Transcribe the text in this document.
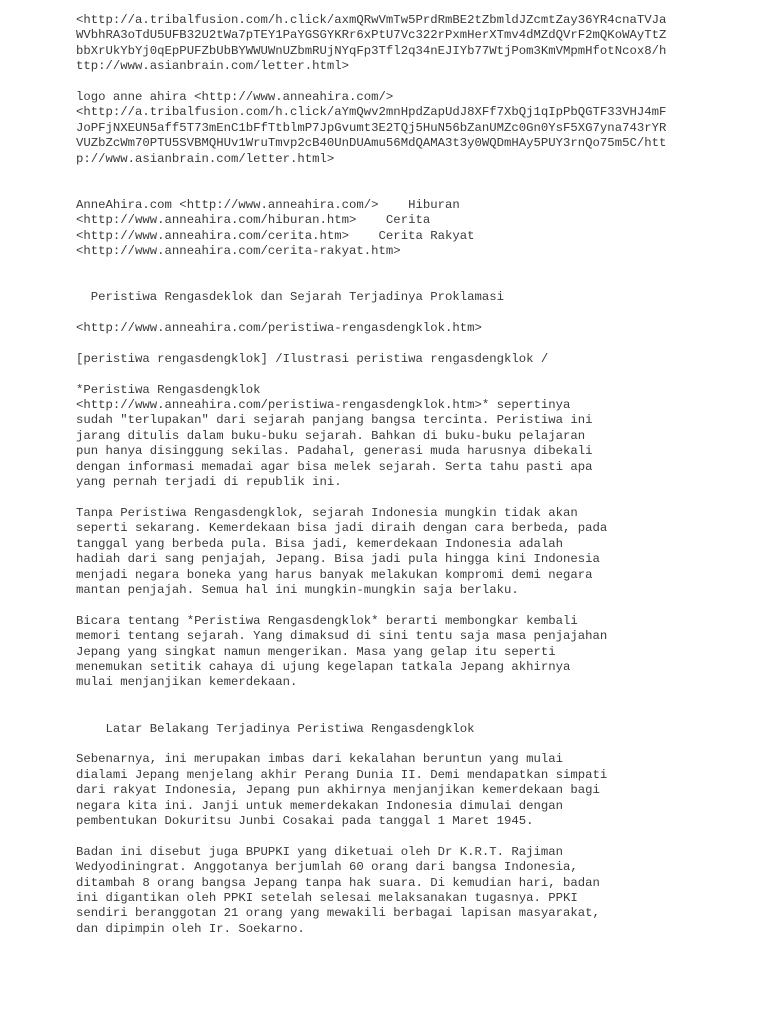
<http://a.tribalfusion.com/h.click/axmQRwVmTw5PrdRmBE2tZbmldJZcmtZay36YR4cnaTVJa
WVbhRA3oTdU5UFB32U2tWa7pTEY1PaYGSGYKRr6xPtU7Vc322rPxmHerXTmv4dMZdQVrF2mQKoWAyTtZ
bbXrUkYbYj0qEpPUFZbUbBYWWUWnUZbmRUjNYqFp3Tfl2q34nEJIYb77WtjPom3KmVMpmHfotNcox8/h
ttp://www.asianbrain.com/letter.html>
logo anne ahira <http://www.anneahira.com/>
<http://a.tribalfusion.com/h.click/aYmQwv2mnHpdZapUdJ8XFf7XbQj1qIpPbQGTF33VHJ4mF
JoPFjNXEUN5aff5T73mEnC1bFfTtblmP7JpGvumt3E2TQj5HuN56bZanUMZc0Gn0YsF5XG7yna743rYR
VUZbZcWm70PTU5SVBMQHUv1WruTmvp2cB40UnDUAmu56MdQAMA3t3y0WQDmHAy5PUY3rnQo75m5C/htt
p://www.asianbrain.com/letter.html>
AnneAhira.com <http://www.anneahira.com/>    Hiburan
<http://www.anneahira.com/hiburan.htm>    Cerita
<http://www.anneahira.com/cerita.htm>    Cerita Rakyat
<http://www.anneahira.com/cerita-rakyat.htm>
Peristiwa Rengasdeklok dan Sejarah Terjadinya Proklamasi
<http://www.anneahira.com/peristiwa-rengasdengklok.htm>
[peristiwa rengasdengklok] /Ilustrasi peristiwa rengasdengklok /
*Peristiwa Rengasdengklok
<http://www.anneahira.com/peristiwa-rengasdengklok.htm>* sepertinya
sudah "terlupakan" dari sejarah panjang bangsa tercinta. Peristiwa ini
jarang ditulis dalam buku-buku sejarah. Bahkan di buku-buku pelajaran
pun hanya disinggung sekilas. Padahal, generasi muda harusnya dibekali
dengan informasi memadai agar bisa melek sejarah. Serta tahu pasti apa
yang pernah terjadi di republik ini.
Tanpa Peristiwa Rengasdengklok, sejarah Indonesia mungkin tidak akan
seperti sekarang. Kemerdekaan bisa jadi diraih dengan cara berbeda, pada
tanggal yang berbeda pula. Bisa jadi, kemerdekaan Indonesia adalah
hadiah dari sang penjajah, Jepang. Bisa jadi pula hingga kini Indonesia
menjadi negara boneka yang harus banyak melakukan kompromi demi negara
mantan penjajah. Semua hal ini mungkin-mungkin saja berlaku.
Bicara tentang *Peristiwa Rengasdengklok* berarti membongkar kembali
memori tentang sejarah. Yang dimaksud di sini tentu saja masa penjajahan
Jepang yang singkat namun mengerikan. Masa yang gelap itu seperti
menemukan setitik cahaya di ujung kegelapan tatkala Jepang akhirnya
mulai menjanjikan kemerdekaan.
Latar Belakang Terjadinya Peristiwa Rengasdengklok
Sebenarnya, ini merupakan imbas dari kekalahan beruntun yang mulai
dialami Jepang menjelang akhir Perang Dunia II. Demi mendapatkan simpati
dari rakyat Indonesia, Jepang pun akhirnya menjanjikan kemerdekaan bagi
negara kita ini. Janji untuk memerdekakan Indonesia dimulai dengan
pembentukan Dokuritsu Junbi Cosakai pada tanggal 1 Maret 1945.
Badan ini disebut juga BPUPKI yang diketuai oleh Dr K.R.T. Rajiman
Wedyodiningrat. Anggotanya berjumlah 60 orang dari bangsa Indonesia,
ditambah 8 orang bangsa Jepang tanpa hak suara. Di kemudian hari, badan
ini digantikan oleh PPKI setelah selesai melaksanakan tugasnya. PPKI
sendiri beranggotan 21 orang yang mewakili berbagai lapisan masyarakat,
dan dipimpin oleh Ir. Soekarno.
